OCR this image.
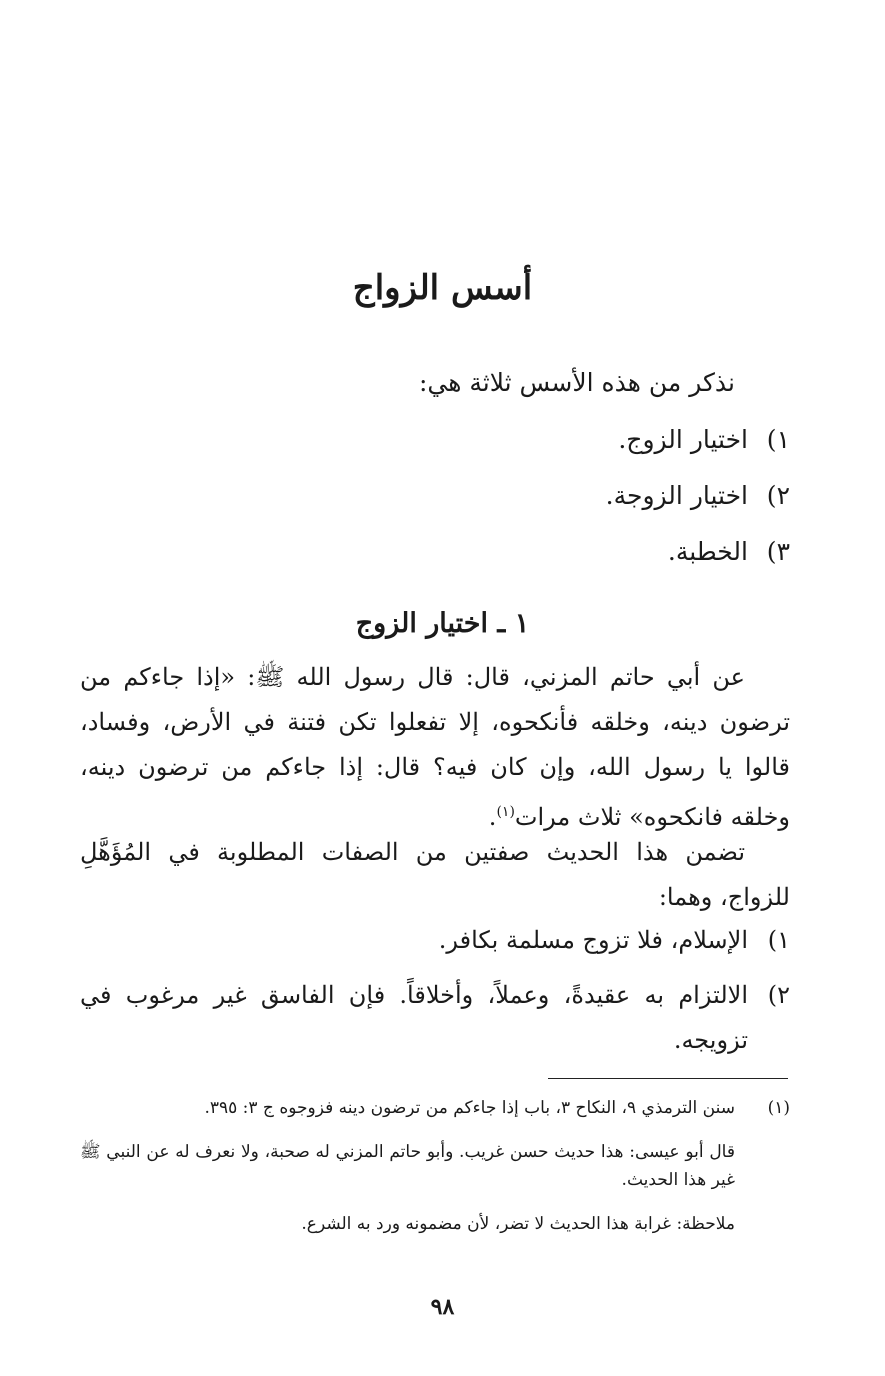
أسس الزواج

نذكر من هذه الأسس ثلاثة هي:

١)اختيار الزوج.
٢)اختيار الزوجة.
٣)الخطبة.
١ ـ اختيار الزوج

عن أبي حاتم المزني، قال: قال رسول الله ﷺ: «إذا جاءكم من ترضون دينه، وخلقه فأنكحوه، إلا تفعلوا تكن فتنة في الأرض، وفساد، قالوا يا رسول الله، وإن كان فيه؟ قال: إذا جاءكم من ترضون دينه، وخلقه فانكحوه» ثلاث مرات$^{(١)}$.

تضمن هذا الحديث صفتين من الصفات المطلوبة في المُؤَهَّلِ للزواج، وهما:

١)
الإسلام، فلا تزوج مسلمة بكافر.
٢)
الالتزام به عقيدةً، وعملاً، وأخلاقاً. فإن الفاسق غير مرغوب في تزويجه.

(١)
سنن الترمذي ٩، النكاح ٣، باب إذا جاءكم من ترضون دينه فزوجوه ج ٣: ٣٩٥.

قال أبو عيسى: هذا حديث حسن غريب. وأبو حاتم المزني له صحبة، ولا نعرف له عن النبي ﷺ غير هذا الحديث.

ملاحظة: غرابة هذا الحديث لا تضر، لأن مضمونه ورد به الشرع.

٩٨
